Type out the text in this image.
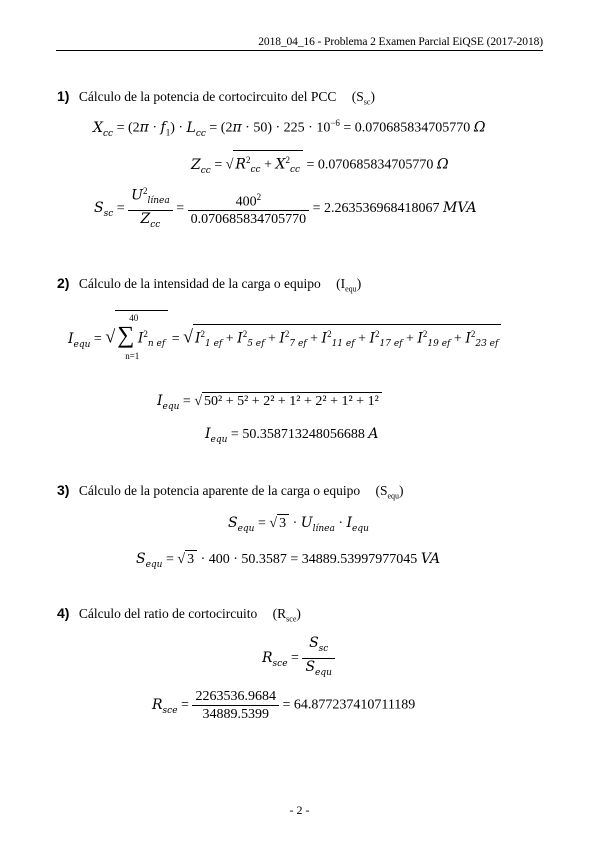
2018_04_16 - Problema 2 Examen Parcial EiQSE (2017-2018)
1) Cálculo de la potencia de cortocircuito del PCC $(S_{sc})$
$X_{cc} = (2\pi \cdot f_1) \cdot L_{cc} = (2\pi \cdot 50) \cdot 225 \cdot 10^{-6} = 0.070685834705770$ Ω
$Z_{cc}$ = √ $R^2_{cc} + X^2_{cc} = 0.070685834705770$ Ω
$S_{sc} = \frac{U^2_{línea}}{Z_{cc}} = \frac{400^2}{0.070685834705770} = 2.263536968418067$ MVA
2) Cálculo de la intensidad de la carga o equipo $(I_{equ})$
$I_{equ}$ = √
40
∑ $I^2_{n ef}$
n=1
= √ $I^2_{1 ef} + I^2_{5 ef} + I^2_{7 ef} + I^2_{11 ef} + I^2_{17 ef} + I^2_{19 ef} + I^2_{23 ef}$
$I_{equ}$ = √ 50² + 5² + 2² + 1² + 2² + 1² + 1²
$I_{equ} = 50.358713248056688$ A
3) Cálculo de la potencia aparente de la carga o equipo $(S_{equ})$
$S_{equ}$ = √ $3 \cdot U_{línea} \cdot I_{equ}$
$S_{equ}$ = √ 3 · 400 · 50.3587 = 34889.53997977045 VA
4) Cálculo del ratio de cortocircuito $(R_{sce})$
$R_{sce} = \frac{S_{sc}}{S_{equ}}$
$R_{sce} = \frac{2263536.9684}{34889.5399} = 64.877237410711189$
- 2 -
